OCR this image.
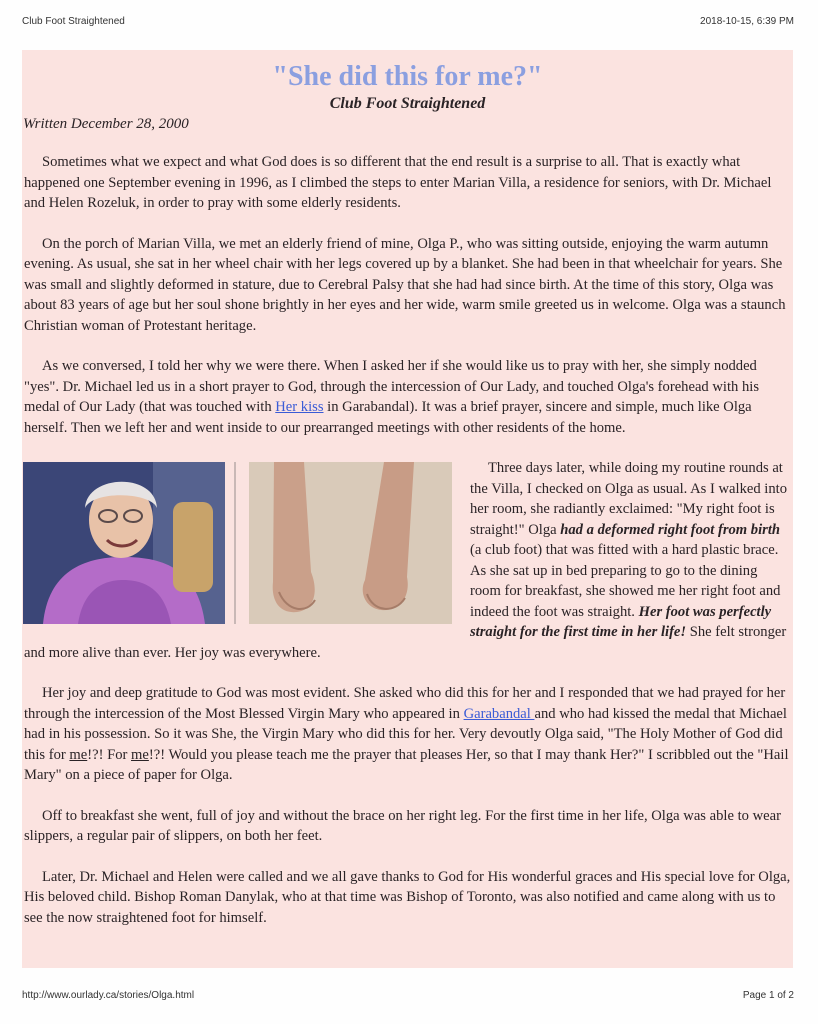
Club Foot Straightened	2018-10-15, 6:39 PM
"She did this for me?"
Club Foot Straightened

Written December 28, 2000

Sometimes what we expect and what God does is so different that the end result is a surprise to all. That is exactly what happened one September evening in 1996, as I climbed the steps to enter Marian Villa, a residence for seniors, with Dr. Michael and Helen Rozeluk, in order to pray with some elderly residents.

On the porch of Marian Villa, we met an elderly friend of mine, Olga P., who was sitting outside, enjoying the warm autumn evening. As usual, she sat in her wheel chair with her legs covered up by a blanket. She had been in that wheelchair for years. She was small and slightly deformed in stature, due to Cerebral Palsy that she had had since birth. At the time of this story, Olga was about 83 years of age but her soul shone brightly in her eyes and her wide, warm smile greeted us in welcome. Olga was a staunch Christian woman of Protestant heritage.

As we conversed, I told her why we were there. When I asked her if she would like us to pray with her, she simply nodded "yes". Dr. Michael led us in a short prayer to God, through the intercession of Our Lady, and touched Olga's forehead with his medal of Our Lady (that was touched with Her kiss in Garabandal). It was a brief prayer, sincere and simple, much like Olga herself. Then we left her and went inside to our prearranged meetings with other residents of the home.

Three days later, while doing my routine rounds at the Villa, I checked on Olga as usual. As I walked into her room, she radiantly exclaimed: "My right foot is straight!" Olga had a deformed right foot from birth (a club foot) that was fitted with a hard plastic brace. As she sat up in bed preparing to go to the dining room for breakfast, she showed me her right foot and indeed the foot was straight. Her foot was perfectly straight for the first time in her life! She felt stronger and more alive than ever. Her joy was everywhere.

Her joy and deep gratitude to God was most evident. She asked who did this for her and I responded that we had prayed for her through the intercession of the Most Blessed Virgin Mary who appeared in Garabandal and who had kissed the medal that Michael had in his possession. So it was She, the Virgin Mary who did this for her. Very devoutly Olga said, "The Holy Mother of God did this for me!?! For me!?! Would you please teach me the prayer that pleases Her, so that I may thank Her?" I scribbled out the "Hail Mary" on a piece of paper for Olga.

Off to breakfast she went, full of joy and without the brace on her right leg. For the first time in her life, Olga was able to wear slippers, a regular pair of slippers, on both her feet.

Later, Dr. Michael and Helen were called and we all gave thanks to God for His wonderful graces and His special love for Olga, His beloved child. Bishop Roman Danylak, who at that time was Bishop of Toronto, was also notified and came along with us to see the now straightened foot for himself.

http://www.ourlady.ca/stories/Olga.html	Page 1 of 2
